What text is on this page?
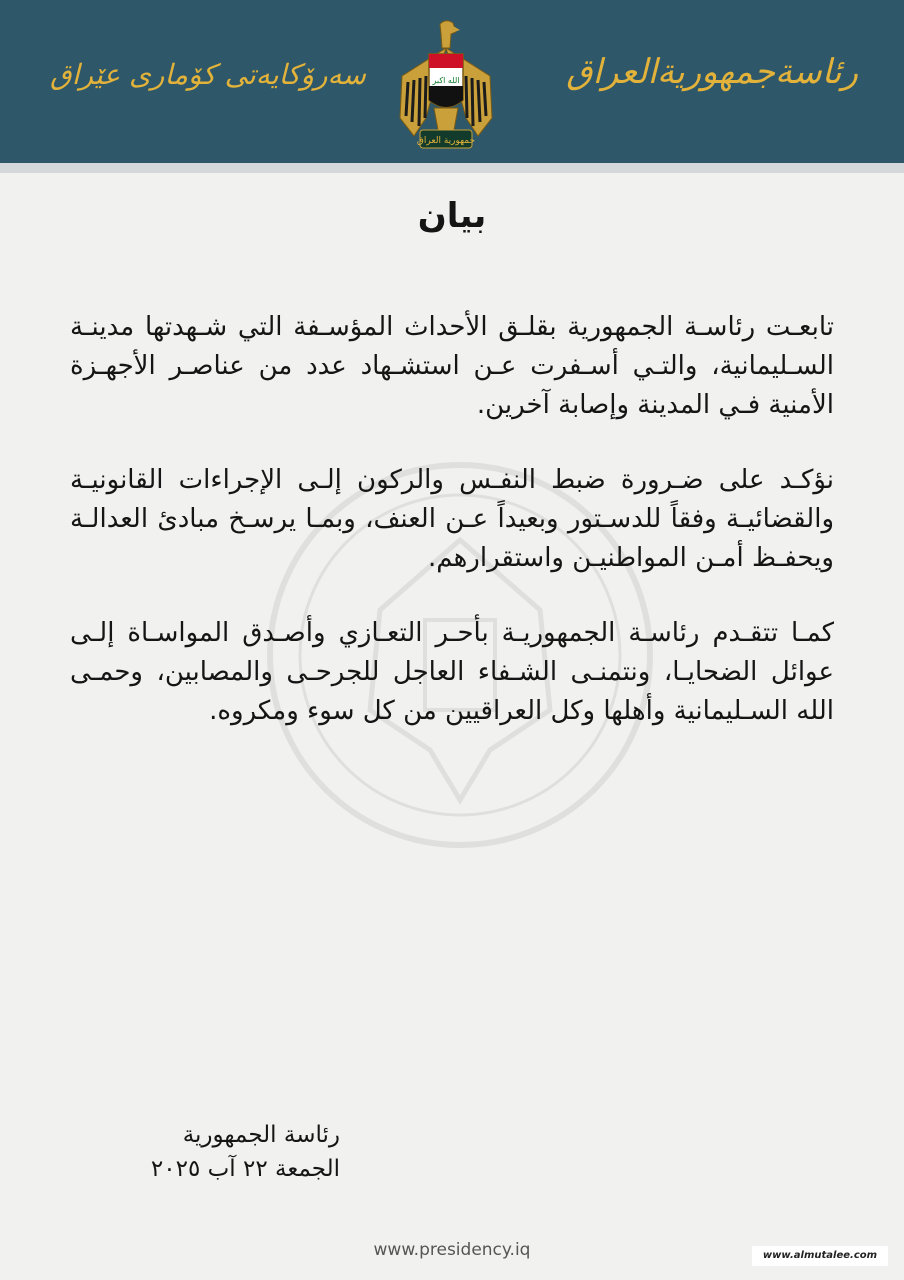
سەرۆکایەتی کۆماری عێراق	الله اكبر
جمهورية العراق
رئاسةجمهوريةالعراق
بيان

تابعـت رئاسـة الجمهورية بقلـق الأحداث المؤسـفة التي شـهدتها مدينـة السـليمانية، والتـي أسـفرت عـن استشـهاد عدد من عناصـر الأجهـزة الأمنية فـي المدينة وإصابة آخرين.

نؤكـد على ضـرورة ضبط النفـس والركون إلـى الإجراءات القانونيـة والقضائيـة وفقاً للدسـتور وبعيداً عـن العنف، وبمـا يرسـخ مبادئ العدالـة ويحفـظ أمـن المواطنيـن واستقرارهم.

كمـا تتقـدم رئاسـة الجمهوريـة بأحـر التعـازي وأصـدق المواسـاة إلـى عوائل الضحايـا، ونتمنـى الشـفاء العاجل للجرحـى والمصابين، وحمـى الله السـليمانية وأهلها وكل العراقيين من كل سوء ومكروه.

رئاسة الجمهورية
الجمعة ٢٢ آب ٢٠٢٥
www.presidency.iq	www.almutalee.com
